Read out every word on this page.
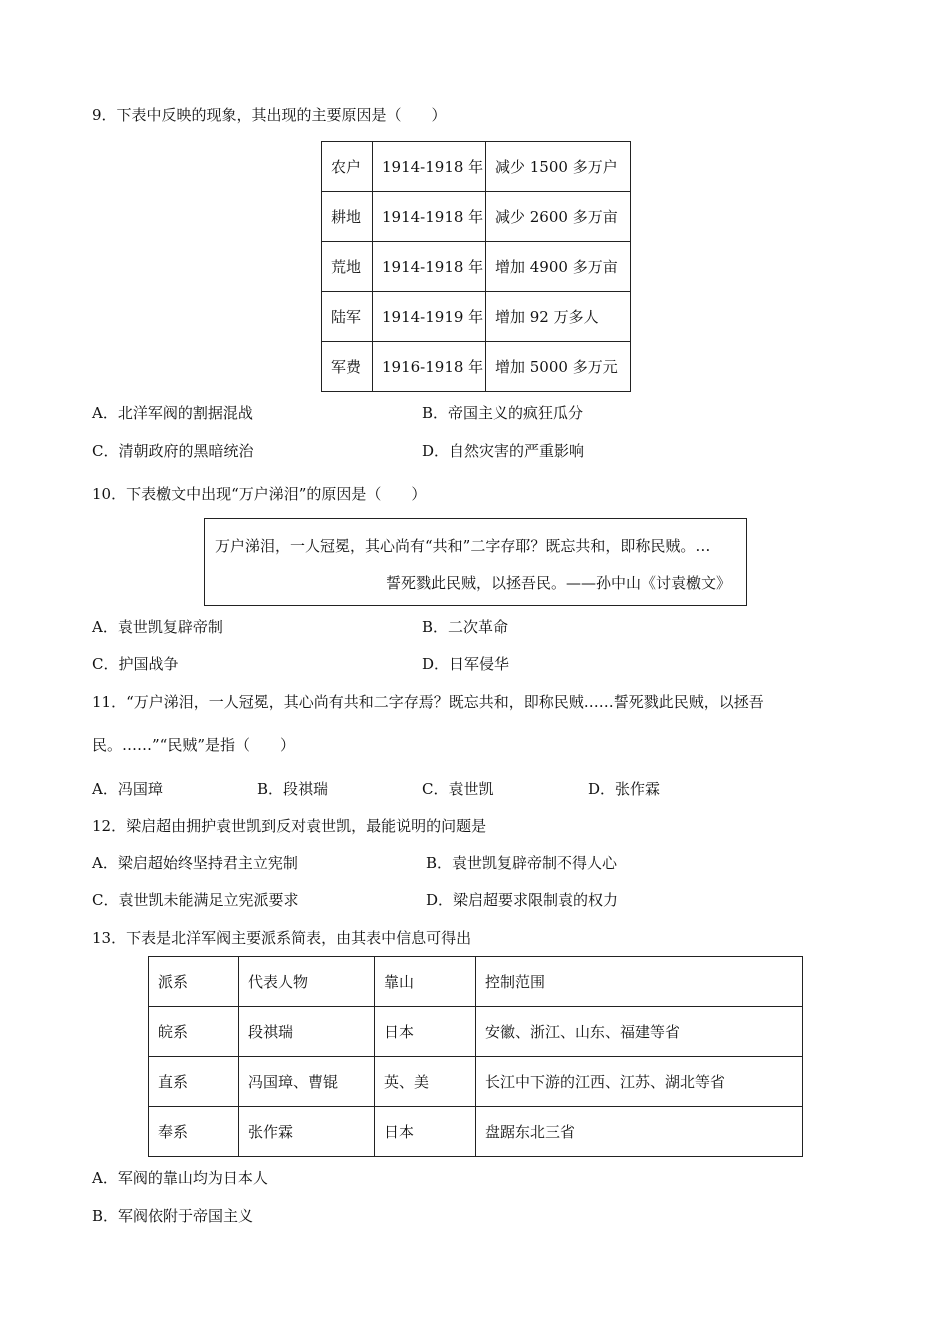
9．下表中反映的现象，其出现的主要原因是（　　）
农户	1914-1918 年	减少 1500 多万户
耕地	1914-1918 年	减少 2600 多万亩
荒地	1914-1918 年	增加 4900 多万亩
陆军	1914-1919 年	增加 92 万多人
军费	1916-1918 年	增加 5000 多万元
A．北洋军阀的割据混战	B．帝国主义的疯狂瓜分
C．清朝政府的黑暗统治	D．自然灾害的严重影响
10．下表檄文中出现“万户涕泪”的原因是（　　）
万户涕泪，一人冠冕，其心尚有“共和”二字存耶？既忘共和，即称民贼。…
誓死戮此民贼，以拯吾民。——孙中山《讨袁檄文》
A．袁世凯复辟帝制	B．二次革命
C．护国战争	D．日军侵华
11．“万户涕泪，一人冠冕，其心尚有共和二字存焉？既忘共和，即称民贼……誓死戮此民贼，以拯吾
民。……”“民贼”是指（　　）
A．冯国璋	B．段祺瑞	C．袁世凯	D．张作霖
12．梁启超由拥护袁世凯到反对袁世凯，最能说明的问题是
A．梁启超始终坚持君主立宪制	B．袁世凯复辟帝制不得人心
C．袁世凯未能满足立宪派要求	D．梁启超要求限制袁的权力
13．下表是北洋军阀主要派系简表，由其表中信息可得出
派系	代表人物	靠山	控制范围
皖系	段祺瑞	日本	安徽、浙江、山东、福建等省
直系	冯国璋、曹锟	英、美	长江中下游的江西、江苏、湖北等省
奉系	张作霖	日本	盘踞东北三省
A．军阀的靠山均为日本人
B．军阀依附于帝国主义
